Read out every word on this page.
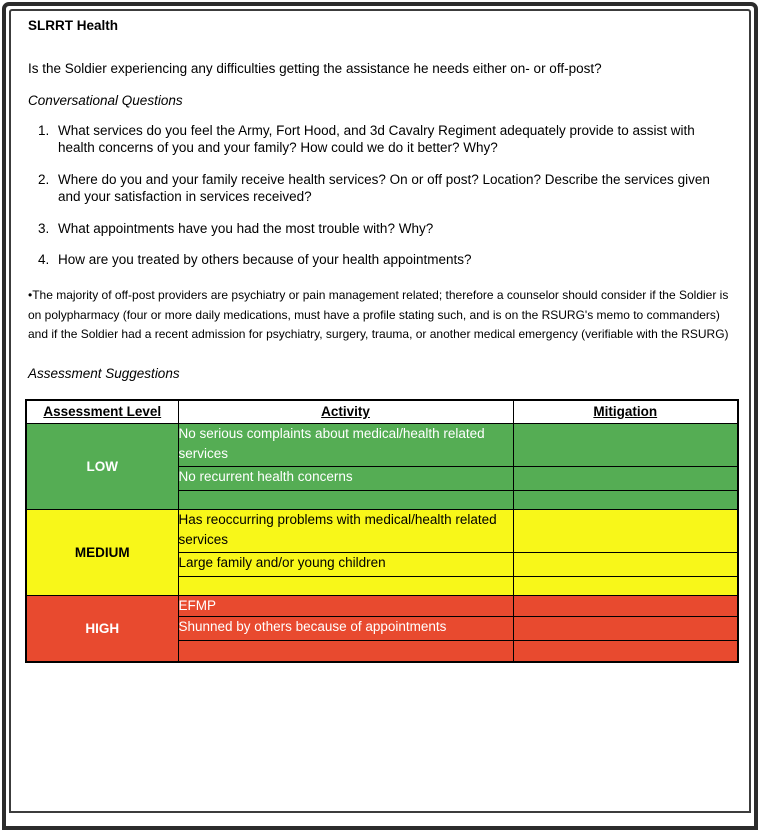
SLRRT Health

Is the Soldier experiencing any difficulties getting the assistance he needs either on- or off-post?

Conversational Questions

1. What services do you feel the Army, Fort Hood, and 3d Cavalry Regiment adequately provide to assist with health concerns of you and your family? How could we do it better? Why?
2. Where do you and your family receive health services? On or off post? Location? Describe the services given and your satisfaction in services received?
3. What appointments have you had the most trouble with? Why?
4. How are you treated by others because of your health appointments?

•The majority of off-post providers are psychiatry or pain management related; therefore a counselor should consider if the Soldier is on polypharmacy (four or more daily medications, must have a profile stating such, and is on the RSURG's memo to commanders) and if the Soldier had a recent admission for psychiatry, surgery, trauma, or another medical emergency (verifiable with the RSURG)

Assessment Suggestions

Assessment Level	Activity	Mitigation
LOW	No serious complaints about medical/health related services	
	No recurrent health concerns	

MEDIUM	Has reoccurring problems with medical/health related services	
	Large family and/or young children	

HIGH	EFMP	
	Shunned by others because of appointments	
